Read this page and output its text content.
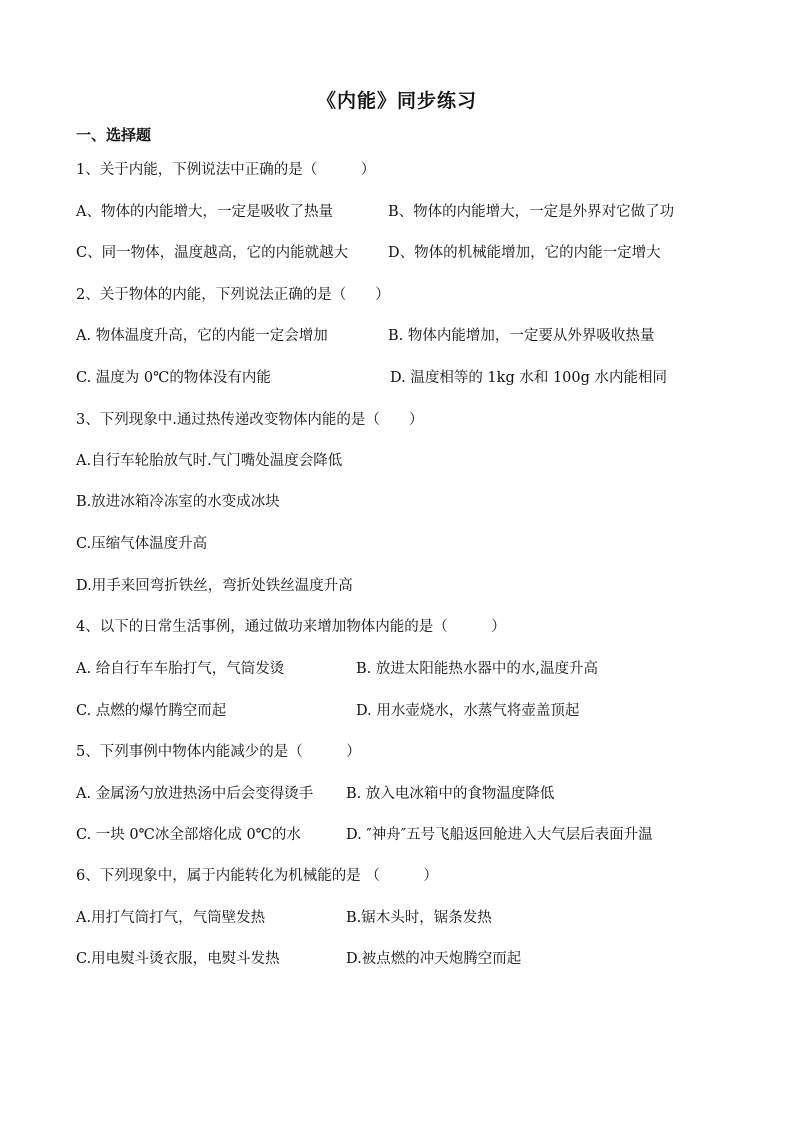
《内能》同步练习
一、选择题
1、关于内能，下例说法中正确的是（　　　）
A、物体的内能增大，一定是吸收了热量	B、物体的内能增大，一定是外界对它做了功
C、同一物体，温度越高，它的内能就越大	D、物体的机械能增加，它的内能一定增大
2、关于物体的内能，下列说法正确的是（　　）
A. 物体温度升高，它的内能一定会增加	B. 物体内能增加，一定要从外界吸收热量
C. 温度为 0℃的物体没有内能	D. 温度相等的 1kg 水和 100g 水内能相同
3、下列现象中.通过热传递改变物体内能的是（　　）
A.自行车轮胎放气时.气门嘴处温度会降低
B.放进冰箱冷冻室的水变成冰块
C.压缩气体温度升高
D.用手来回弯折铁丝，弯折处铁丝温度升高
4、以下的日常生活事例，通过做功来增加物体内能的是（　　　）
A. 给自行车车胎打气，气筒发烫	B. 放进太阳能热水器中的水,温度升高
C. 点燃的爆竹腾空而起	D. 用水壶烧水，水蒸气将壶盖顶起
5、下列事例中物体内能减少的是（　　　）
A. 金属汤勺放进热汤中后会变得烫手 B. 放入电冰箱中的食物温度降低
C. 一块 0℃冰全部熔化成 0℃的水	D. ″神舟″五号飞船返回舱进入大气层后表面升温
6、下列现象中，属于内能转化为机械能的是 （　　　）
A.用打气筒打气，气筒壁发热	B.锯木头时，锯条发热
C.用电熨斗烫衣服，电熨斗发热	D.被点燃的冲天炮腾空而起
